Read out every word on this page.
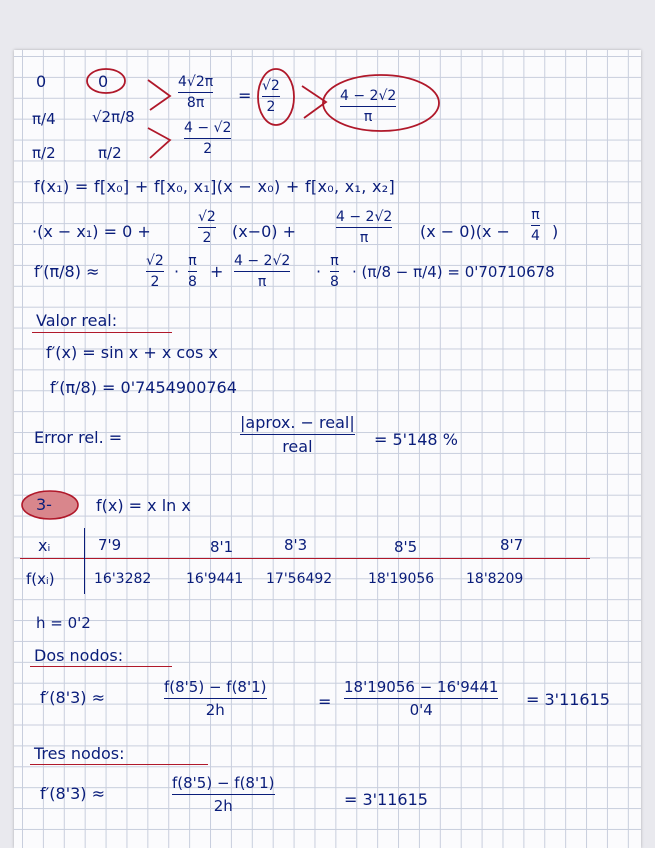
0	0
π/4 √2π/8
π/2	π/2
4√2π
8π = √2
2
4 − √2
2
4 − 2√2
π
f(x₁) = f[x₀] + f[x₀, x₁](x − x₀) + f[x₀, x₁, x₂]
·(x − x₁) = 0 +
√2
2 (x−0) +
4 − 2√2
π	(x − 0)(x −
π
4 )
f′(π/8) ≈
√2
2
·
π
8
+
4 − 2√2
π
·
π
8
· (π/8 − π/4) = 0'70710678
Valor real:
f′(x) = sin x + x cos x
f′(π/8) = 0'7454900764
Error rel. =
|aprox. − real|
real	= 5'148 %
3-	f(x) = x ln x
xᵢ	7'9	8'1	8'3	8'5	8'7
f(xᵢ)	16'3282 16'9441 17'56492	18'19056 18'8209
h = 0'2
Dos nodos:
f′(8'3) ≈
f(8'5) − f(8'1)
2h	=
18'19056 − 16'9441
0'4
= 3'11615
Tres nodos:
f′(8'3) ≈
f(8'5) − f(8'1)
2h	= 3'11615
